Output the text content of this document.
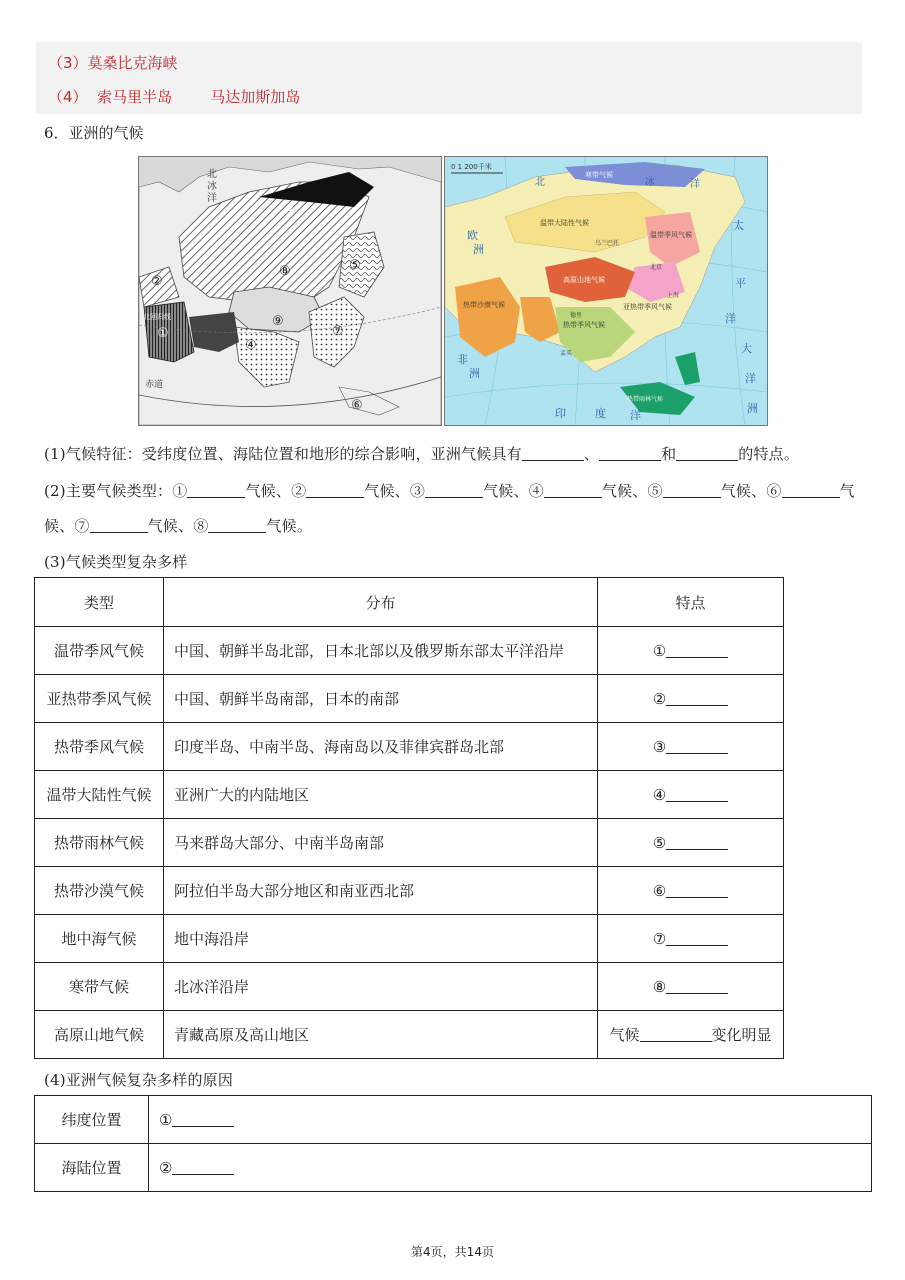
（3）莫桑比克海峡
（4）  索马里半岛        马达加斯加岛
6．亚洲的气候
北
冰
洋
赤道
北回归线
①
②
③
④
⑤
⑥
⑦
⑧
⑨
0 1 200千米
北	冰	洋
欧
洲
非
洲
印	度 洋
太
平
洋
大
洋
洲
寒带气候
温带大陆性气候
温带季风气候
高原山地气候
亚热带季风气候
热带季风气候
热带沙漠气候
热带雨林气候
乌兰巴托
北京
上海
孟买
德里
(1)气候特征：受纬度位置、海陆位置和地形的综合影响，亚洲气候具有	、	和	的特点。
(2)主要气候类型：①	气候、②	气候、③	气候、④	气候、⑤	气候、⑥	气
候、⑦	气候、⑧	气候。
(3)气候类型复杂多样
类型	分布	特点
温带季风气候	中国、朝鲜半岛北部，日本北部以及俄罗斯东部太平洋沿岸	①
亚热带季风气候	中国、朝鲜半岛南部，日本的南部	②
热带季风气候	印度半岛、中南半岛、海南岛以及菲律宾群岛北部	③
温带大陆性气候	亚洲广大的内陆地区	④
热带雨林气候	马来群岛大部分、中南半岛南部	⑤
热带沙漠气候	阿拉伯半岛大部分地区和南亚西北部	⑥
地中海气候	地中海沿岸	⑦
寒带气候	北冰洋沿岸	⑧
高原山地气候	青藏高原及高山地区	气候 变化明显
(4)亚洲气候复杂多样的原因
纬度位置	①
海陆位置	②
第4页，共14页
